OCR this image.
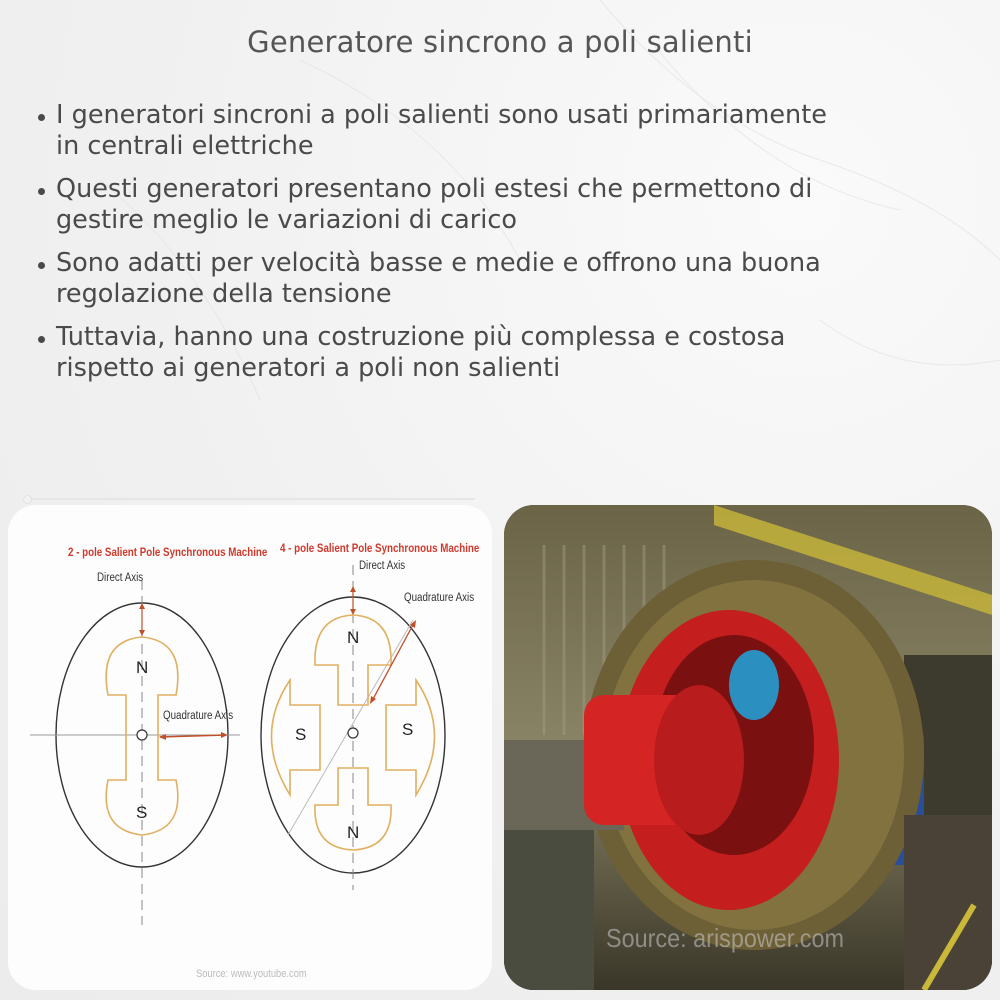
Generatore sincrono a poli salienti
I generatori sincroni a poli salienti sono usati primariamente
in centrali elettriche
Questi generatori presentano poli estesi che permettono di
gestire meglio le variazioni di carico
Sono adatti per velocità basse e medie e offrono una buona
regolazione della tensione
Tuttavia, hanno una costruzione più complessa e costosa
rispetto ai generatori a poli non salienti
2 - pole Salient Pole Synchronous Machine 4 - pole Salient Pole Synchronous Machine
Direct Axis
Direct Axis
Quadrature Axis
Quadrature Axis
N
S
N
S	S
N
Source: www.youtube.com
Source: arispower.com
